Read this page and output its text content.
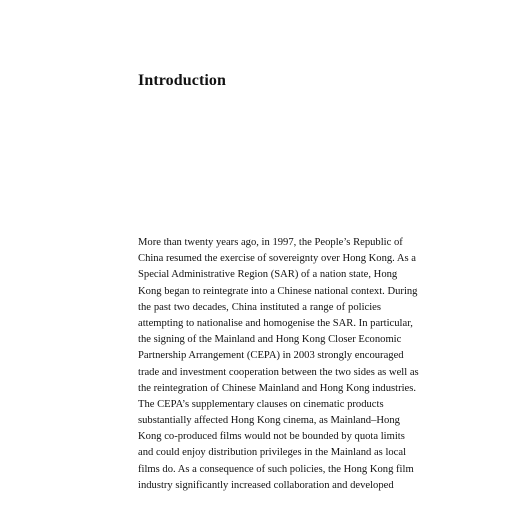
Introduction
More than twenty years ago, in 1997, the People’s Republic of
China resumed the exercise of sovereignty over Hong Kong. As a
Special Administrative Region (SAR) of a nation state, Hong
Kong began to reintegrate into a Chinese national context. During
the past two decades, China instituted a range of policies
attempting to nationalise and homogenise the SAR. In particular,
the signing of the Mainland and Hong Kong Closer Economic
Partnership Arrangement (CEPA) in 2003 strongly encouraged
trade and investment cooperation between the two sides as well as
the reintegration of Chinese Mainland and Hong Kong industries.
The CEPA’s supplementary clauses on cinematic products
substantially affected Hong Kong cinema, as Mainland–Hong
Kong co-produced films would not be bounded by quota limits
and could enjoy distribution privileges in the Mainland as local
films do. As a consequence of such policies, the Hong Kong film
industry significantly increased collaboration and developed
